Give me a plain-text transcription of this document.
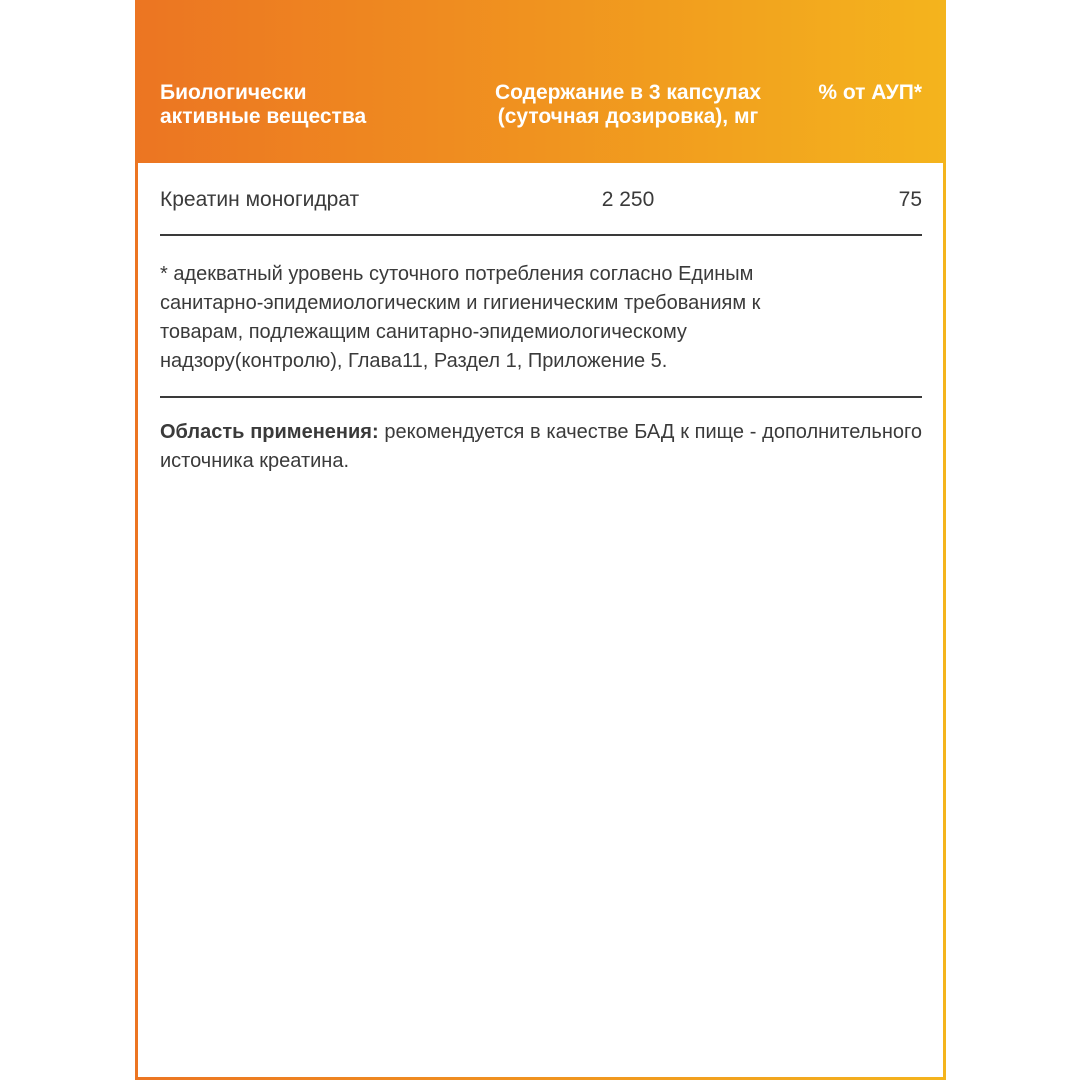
Биологически
активные вещества
Содержание в 3 капсулах
(суточная дозировка), мг
% от АУП*
Креатин моногидрат	2 250	75
* адекватный уровень суточного потребления согласно Единым
санитарно-эпидемиологическим и гигиеническим требованиям к
товарам, подлежащим санитарно-эпидемиологическому
надзору(контролю), Глава11, Раздел 1, Приложение 5.
Область применения: рекомендуется в качестве БАД к пище - дополнительного источника креатина.
